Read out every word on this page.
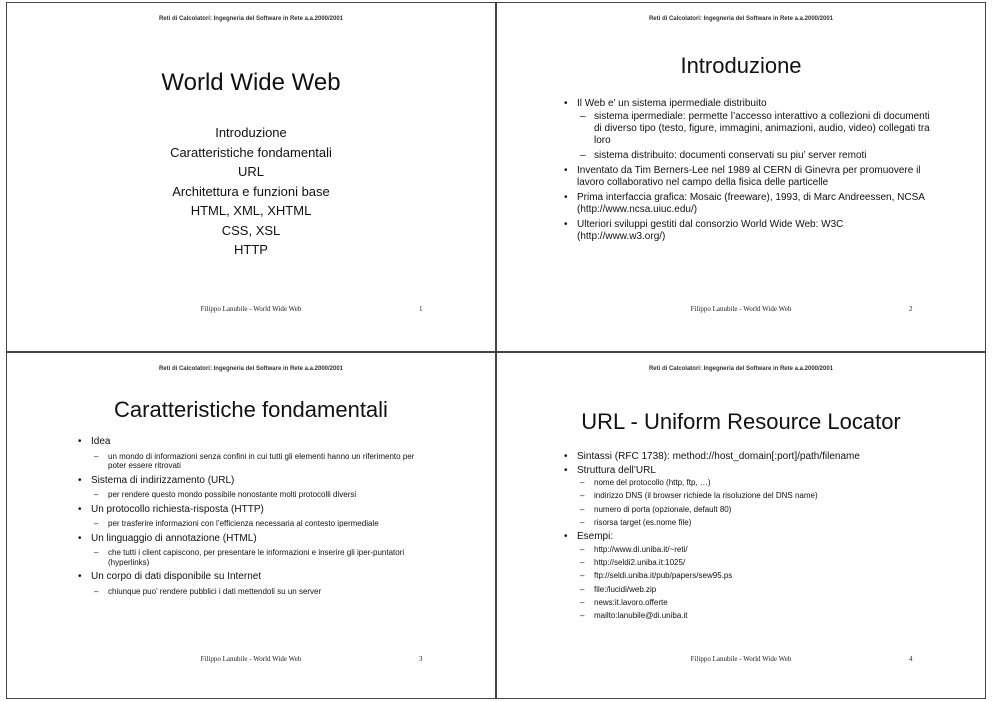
Reti di Calcolatori: Ingegneria del Software in Rete a.a.2000/2001
World Wide Web
Introduzione
Caratteristiche fondamentali
URL
Architettura e funzioni base
HTML, XML, XHTML
CSS, XSL
HTTP
Filippo Lanubile - World Wide Web	1
Reti di Calcolatori: Ingegneria del Software in Rete a.a.2000/2001
Introduzione
• Il Web e’ un sistema ipermediale distribuito
– sistema ipermediale: permette l’accesso interattivo a collezioni di documenti di diverso tipo (testo, figure, immagini, animazioni, audio, video) collegati tra loro
– sistema distribuito: documenti conservati su piu’ server remoti
• Inventato da Tim Berners-Lee nel 1989 al CERN di Ginevra per promuovere il lavoro collaborativo nel campo della fisica delle particelle
• Prima interfaccia grafica: Mosaic (freeware), 1993, di Marc Andreessen, NCSA (http://www.ncsa.uiuc.edu/)
• Ulteriori sviluppi gestiti dal consorzio World Wide Web: W3C (http://www.w3.org/)
Filippo Lanubile - World Wide Web	2
Reti di Calcolatori: Ingegneria del Software in Rete a.a.2000/2001
Caratteristiche fondamentali
• Idea
– un mondo di informazioni senza confini in cui tutti gli elementi hanno un riferimento per poter essere ritrovati
• Sistema di indirizzamento (URL)
– per rendere questo mondo possibile nonostante molti protocolli diversi
• Un protocollo richiesta-risposta (HTTP)
– per trasferire informazioni con l’efficienza necessaria al contesto ipermediale
• Un linguaggio di annotazione (HTML)
– che tutti i client capiscono, per presentare le informazioni e inserire gli iper-puntatori (hyperlinks)
• Un corpo di dati disponibile su Internet
– chiunque puo’ rendere pubblici i dati mettendoli su un server
Filippo Lanubile - World Wide Web	3
Reti di Calcolatori: Ingegneria del Software in Rete a.a.2000/2001
URL - Uniform Resource Locator
• Sintassi (RFC 1738): method://host_domain[:port]/path/filename
• Struttura dell’URL
– nome del protocollo (http, ftp, …)
– indirizzo DNS (il browser richiede la risoluzione del DNS name)
– numero di porta (opzionale, default 80)
– risorsa target (es.nome file)
• Esempi:
– http://www.di.uniba.it/~reti/
– http://seldi2.uniba.it:1025/
– ftp://seldi.uniba.it/pub/papers/sew95.ps
– file:/lucidi/web.zip
– news:it.lavoro.offerte
– mailto:lanubile@di.uniba.it
Filippo Lanubile - World Wide Web	4
